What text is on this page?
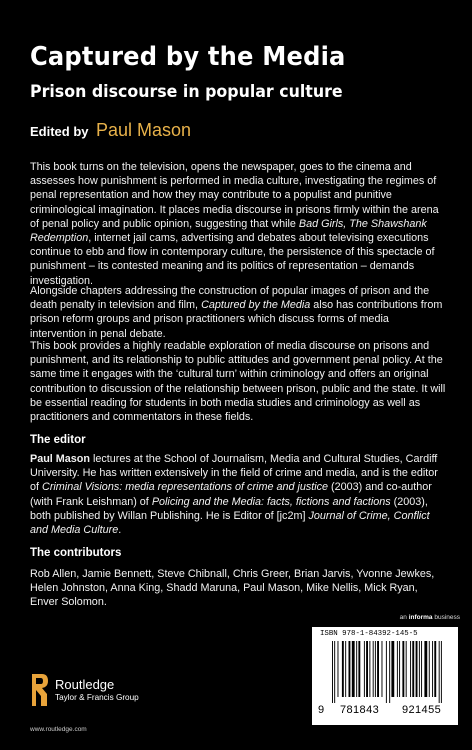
Captured by the Media
Prison discourse in popular culture
Edited by Paul Mason
This book turns on the television, opens the newspaper, goes to the cinema and assesses how punishment is performed in media culture, investigating the regimes of penal representation and how they may contribute to a populist and punitive criminological imagination. It places media discourse in prisons firmly within the arena of penal policy and public opinion, suggesting that while Bad Girls, The Shawshank Redemption, internet jail cams, advertising and debates about televising executions continue to ebb and flow in contemporary culture, the persistence of this spectacle of punishment – its contested meaning and its politics of representation – demands investigation.
Alongside chapters addressing the construction of popular images of prison and the death penalty in television and film, Captured by the Media also has contributions from prison reform groups and prison practitioners which discuss forms of media intervention in penal debate.
This book provides a highly readable exploration of media discourse on prisons and punishment, and its relationship to public attitudes and government penal policy. At the same time it engages with the ‘cultural turn’ within criminology and offers an original contribution to discussion of the relationship between prison, public and the state. It will be essential reading for students in both media studies and criminology as well as practitioners and commentators in these fields.
The editor
Paul Mason lectures at the School of Journalism, Media and Cultural Studies, Cardiff University. He has written extensively in the field of crime and media, and is the editor of Criminal Visions: media representations of crime and justice (2003) and co-author (with Frank Leishman) of Policing and the Media: facts, fictions and factions (2003), both published by Willan Publishing. He is Editor of [jc2m] Journal of Crime, Conflict and Media Culture.
The contributors
Rob Allen, Jamie Bennett, Steve Chibnall, Chris Greer, Brian Jarvis, Yvonne Jewkes, Helen Johnston, Anna King, Shadd Maruna, Paul Mason, Mike Nellis, Mick Ryan, Enver Solomon.
an informa business
ISBN 978-1-84392-145-5
9 781843 921455
Routledge
Taylor & Francis Group
www.routledge.com
